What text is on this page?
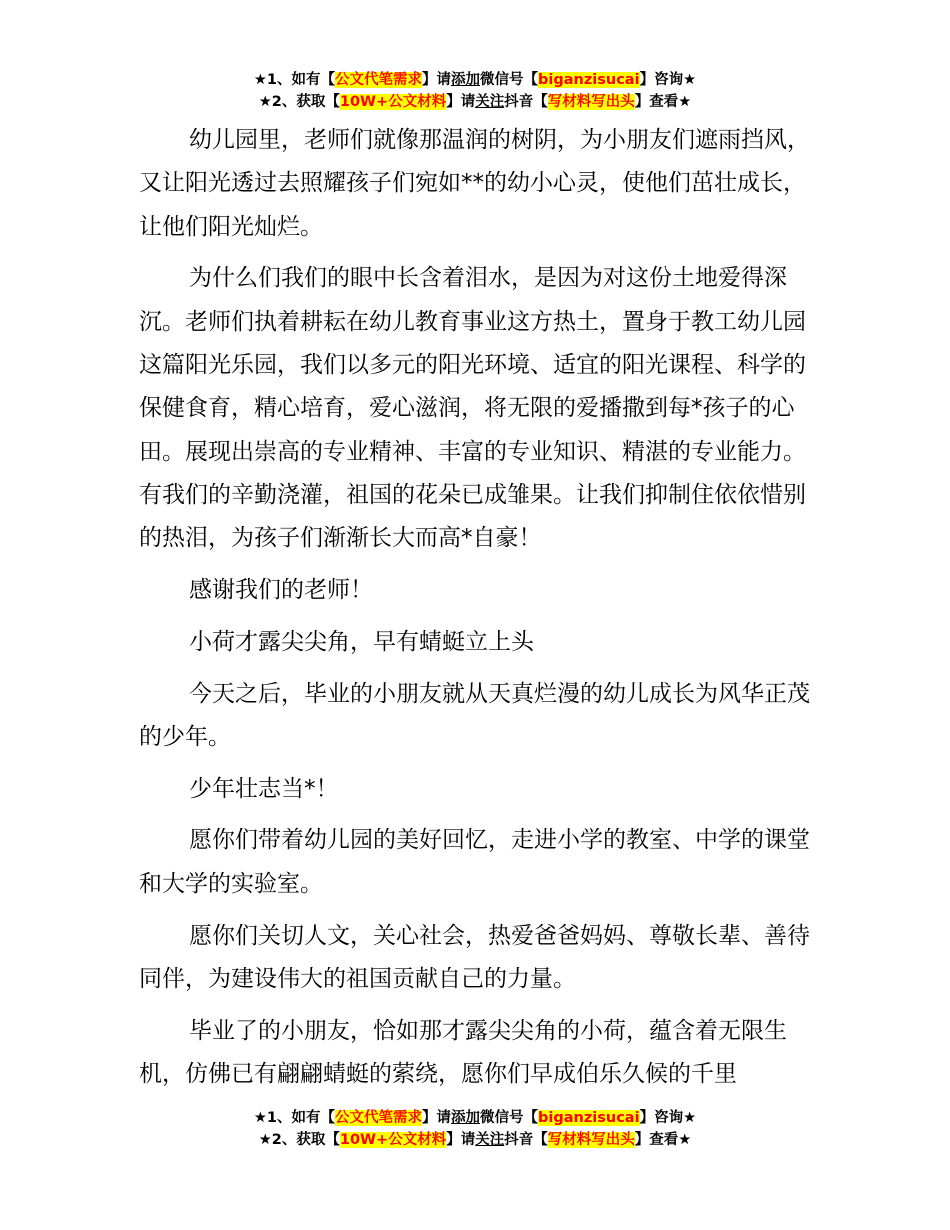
★1、如有【公文代笔需求】请添加微信号【biganzisucai】咨询★
★2、获取【10W+公文材料】请关注抖音【写材料写出头】查看★

幼儿园里，老师们就像那温润的树阴，为小朋友们遮雨挡风，又让阳光透过去照耀孩子们宛如**的幼小心灵，使他们茁壮成长，让他们阳光灿烂。

为什么们我们的眼中长含着泪水，是因为对这份土地爱得深沉。老师们执着耕耘在幼儿教育事业这方热土，置身于教工幼儿园这篇阳光乐园，我们以多元的阳光环境、适宜的阳光课程、科学的保健食育，精心培育，爱心滋润，将无限的爱播撒到每*孩子的心田。展现出崇高的专业精神、丰富的专业知识、精湛的专业能力。有我们的辛勤浇灌，祖国的花朵已成雏果。让我们抑制住依依惜别的热泪，为孩子们渐渐长大而高*自豪！

感谢我们的老师！

小荷才露尖尖角，早有蜻蜓立上头

今天之后，毕业的小朋友就从天真烂漫的幼儿成长为风华正茂的少年。

少年壮志当*！

愿你们带着幼儿园的美好回忆，走进小学的教室、中学的课堂和大学的实验室。

愿你们关切人文，关心社会，热爱爸爸妈妈、尊敬长辈、善待同伴，为建设伟大的祖国贡献自己的力量。

毕业了的小朋友，恰如那才露尖尖角的小荷，蕴含着无限生机，仿佛已有翩翩蜻蜓的萦绕，愿你们早成伯乐久候的千里

★1、如有【公文代笔需求】请添加微信号【biganzisucai】咨询★
★2、获取【10W+公文材料】请关注抖音【写材料写出头】查看★
